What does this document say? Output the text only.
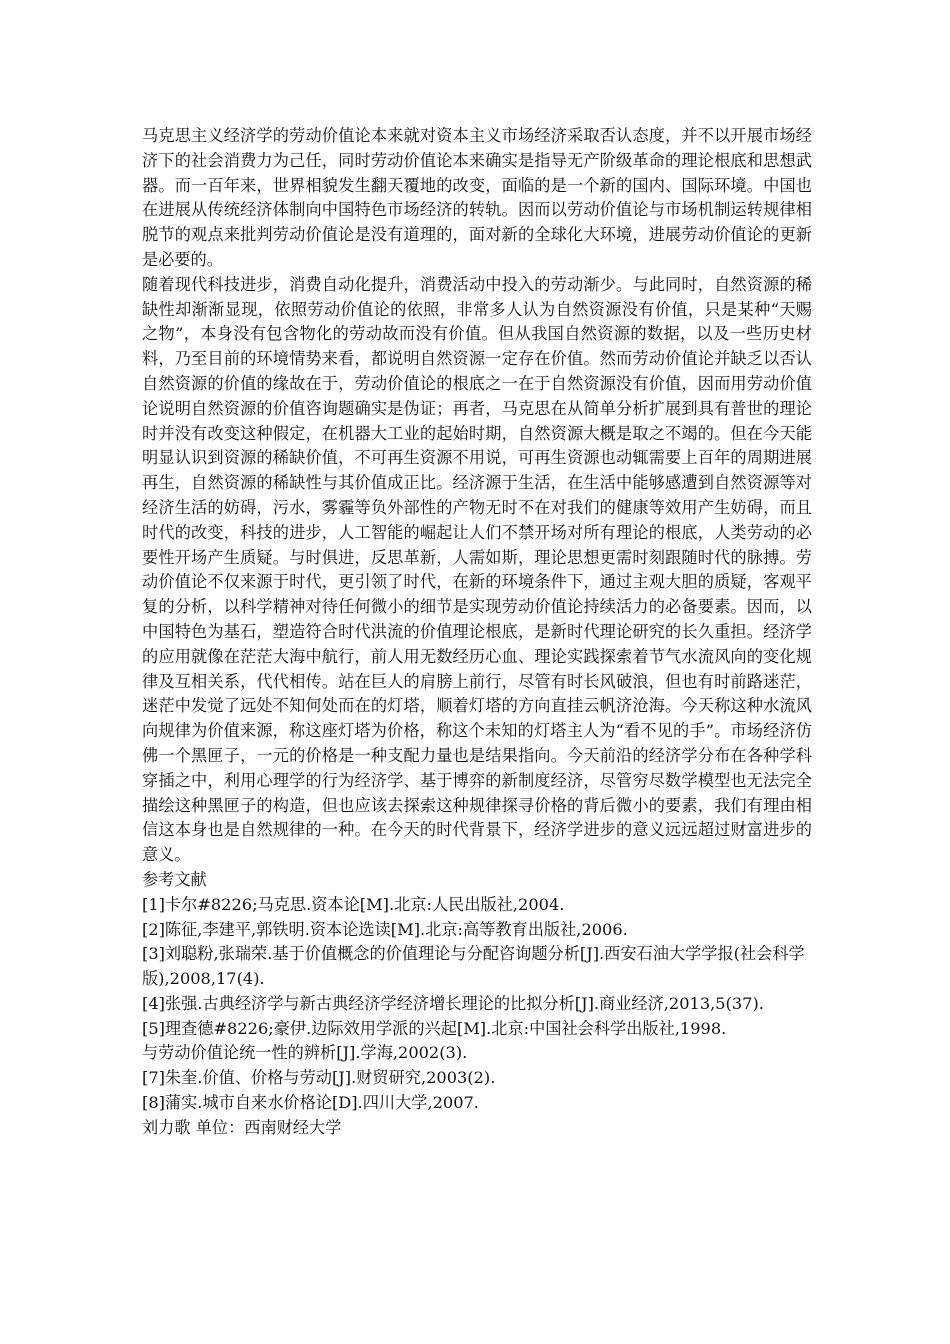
马克思主义经济学的劳动价值论本来就对资本主义市场经济采取否认态度，并不以开展市场经济下的社会消费力为己任，同时劳动价值论本来确实是指导无产阶级革命的理论根底和思想武器。而一百年来，世界相貌发生翻天覆地的改变，面临的是一个新的国内、国际环境。中国也在进展从传统经济体制向中国特色市场经济的转轨。因而以劳动价值论与市场机制运转规律相脱节的观点来批判劳动价值论是没有道理的，面对新的全球化大环境，进展劳动价值论的更新是必要的。

随着现代科技进步，消费自动化提升，消费活动中投入的劳动渐少。与此同时，自然资源的稀缺性却渐渐显现，依照劳动价值论的依照，非常多人认为自然资源没有价值，只是某种“天赐之物”，本身没有包含物化的劳动故而没有价值。但从我国自然资源的数据，以及一些历史材料，乃至目前的环境情势来看，都说明自然资源一定存在价值。然而劳动价值论并缺乏以否认自然资源的价值的缘故在于，劳动价值论的根底之一在于自然资源没有价值，因而用劳动价值论说明自然资源的价值咨询题确实是伪证；再者，马克思在从简单分析扩展到具有普世的理论时并没有改变这种假定，在机器大工业的起始时期，自然资源大概是取之不竭的。但在今天能明显认识到资源的稀缺价值，不可再生资源不用说，可再生资源也动辄需要上百年的周期进展再生，自然资源的稀缺性与其价值成正比。经济源于生活，在生活中能够感遭到自然资源等对经济生活的妨碍，污水，雾霾等负外部性的产物无时不在对我们的健康等效用产生妨碍，而且时代的改变，科技的进步，人工智能的崛起让人们不禁开场对所有理论的根底，人类劳动的必要性开场产生质疑。与时俱进，反思革新，人需如斯，理论思想更需时刻跟随时代的脉搏。劳动价值论不仅来源于时代，更引领了时代，在新的环境条件下，通过主观大胆的质疑，客观平复的分析，以科学精神对待任何微小的细节是实现劳动价值论持续活力的必备要素。因而，以中国特色为基石，塑造符合时代洪流的价值理论根底，是新时代理论研究的长久重担。经济学的应用就像在茫茫大海中航行，前人用无数经历心血、理论实践探索着节气水流风向的变化规律及互相关系，代代相传。站在巨人的肩膀上前行，尽管有时长风破浪，但也有时前路迷茫，迷茫中发觉了远处不知何处而在的灯塔，顺着灯塔的方向直挂云帆济沧海。今天称这种水流风向规律为价值来源，称这座灯塔为价格，称这个未知的灯塔主人为“看不见的手”。市场经济仿佛一个黑匣子，一元的价格是一种支配力量也是结果指向。今天前沿的经济学分布在各种学科穿插之中，利用心理学的行为经济学、基于博弈的新制度经济，尽管穷尽数学模型也无法完全描绘这种黑匣子的构造，但也应该去探索这种规律探寻价格的背后微小的要素，我们有理由相信这本身也是自然规律的一种。在今天的时代背景下，经济学进步的意义远远超过财富进步的意义。

参考文献

[1]卡尔#8226;马克思.资本论[M].北京:人民出版社,2004.
[2]陈征,李建平,郭铁明.资本论选读[M].北京:高等教育出版社,2006.
[3]刘聪粉,张瑞荣.基于价值概念的价值理论与分配咨询题分析[J].西安石油大学学报(社会科学版),2008,17(4).
[4]张强.古典经济学与新古典经济学经济增长理论的比拟分析[J].商业经济,2013,5(37).
[5]理查德#8226;豪伊.边际效用学派的兴起[M].北京:中国社会科学出版社,1998.
与劳动价值论统一性的辨析[J].学海,2002(3).
[7]朱奎.价值、价格与劳动[J].财贸研究,2003(2).
[8]蒲实.城市自来水价格论[D].四川大学,2007.

刘力歌 单位：西南财经大学
